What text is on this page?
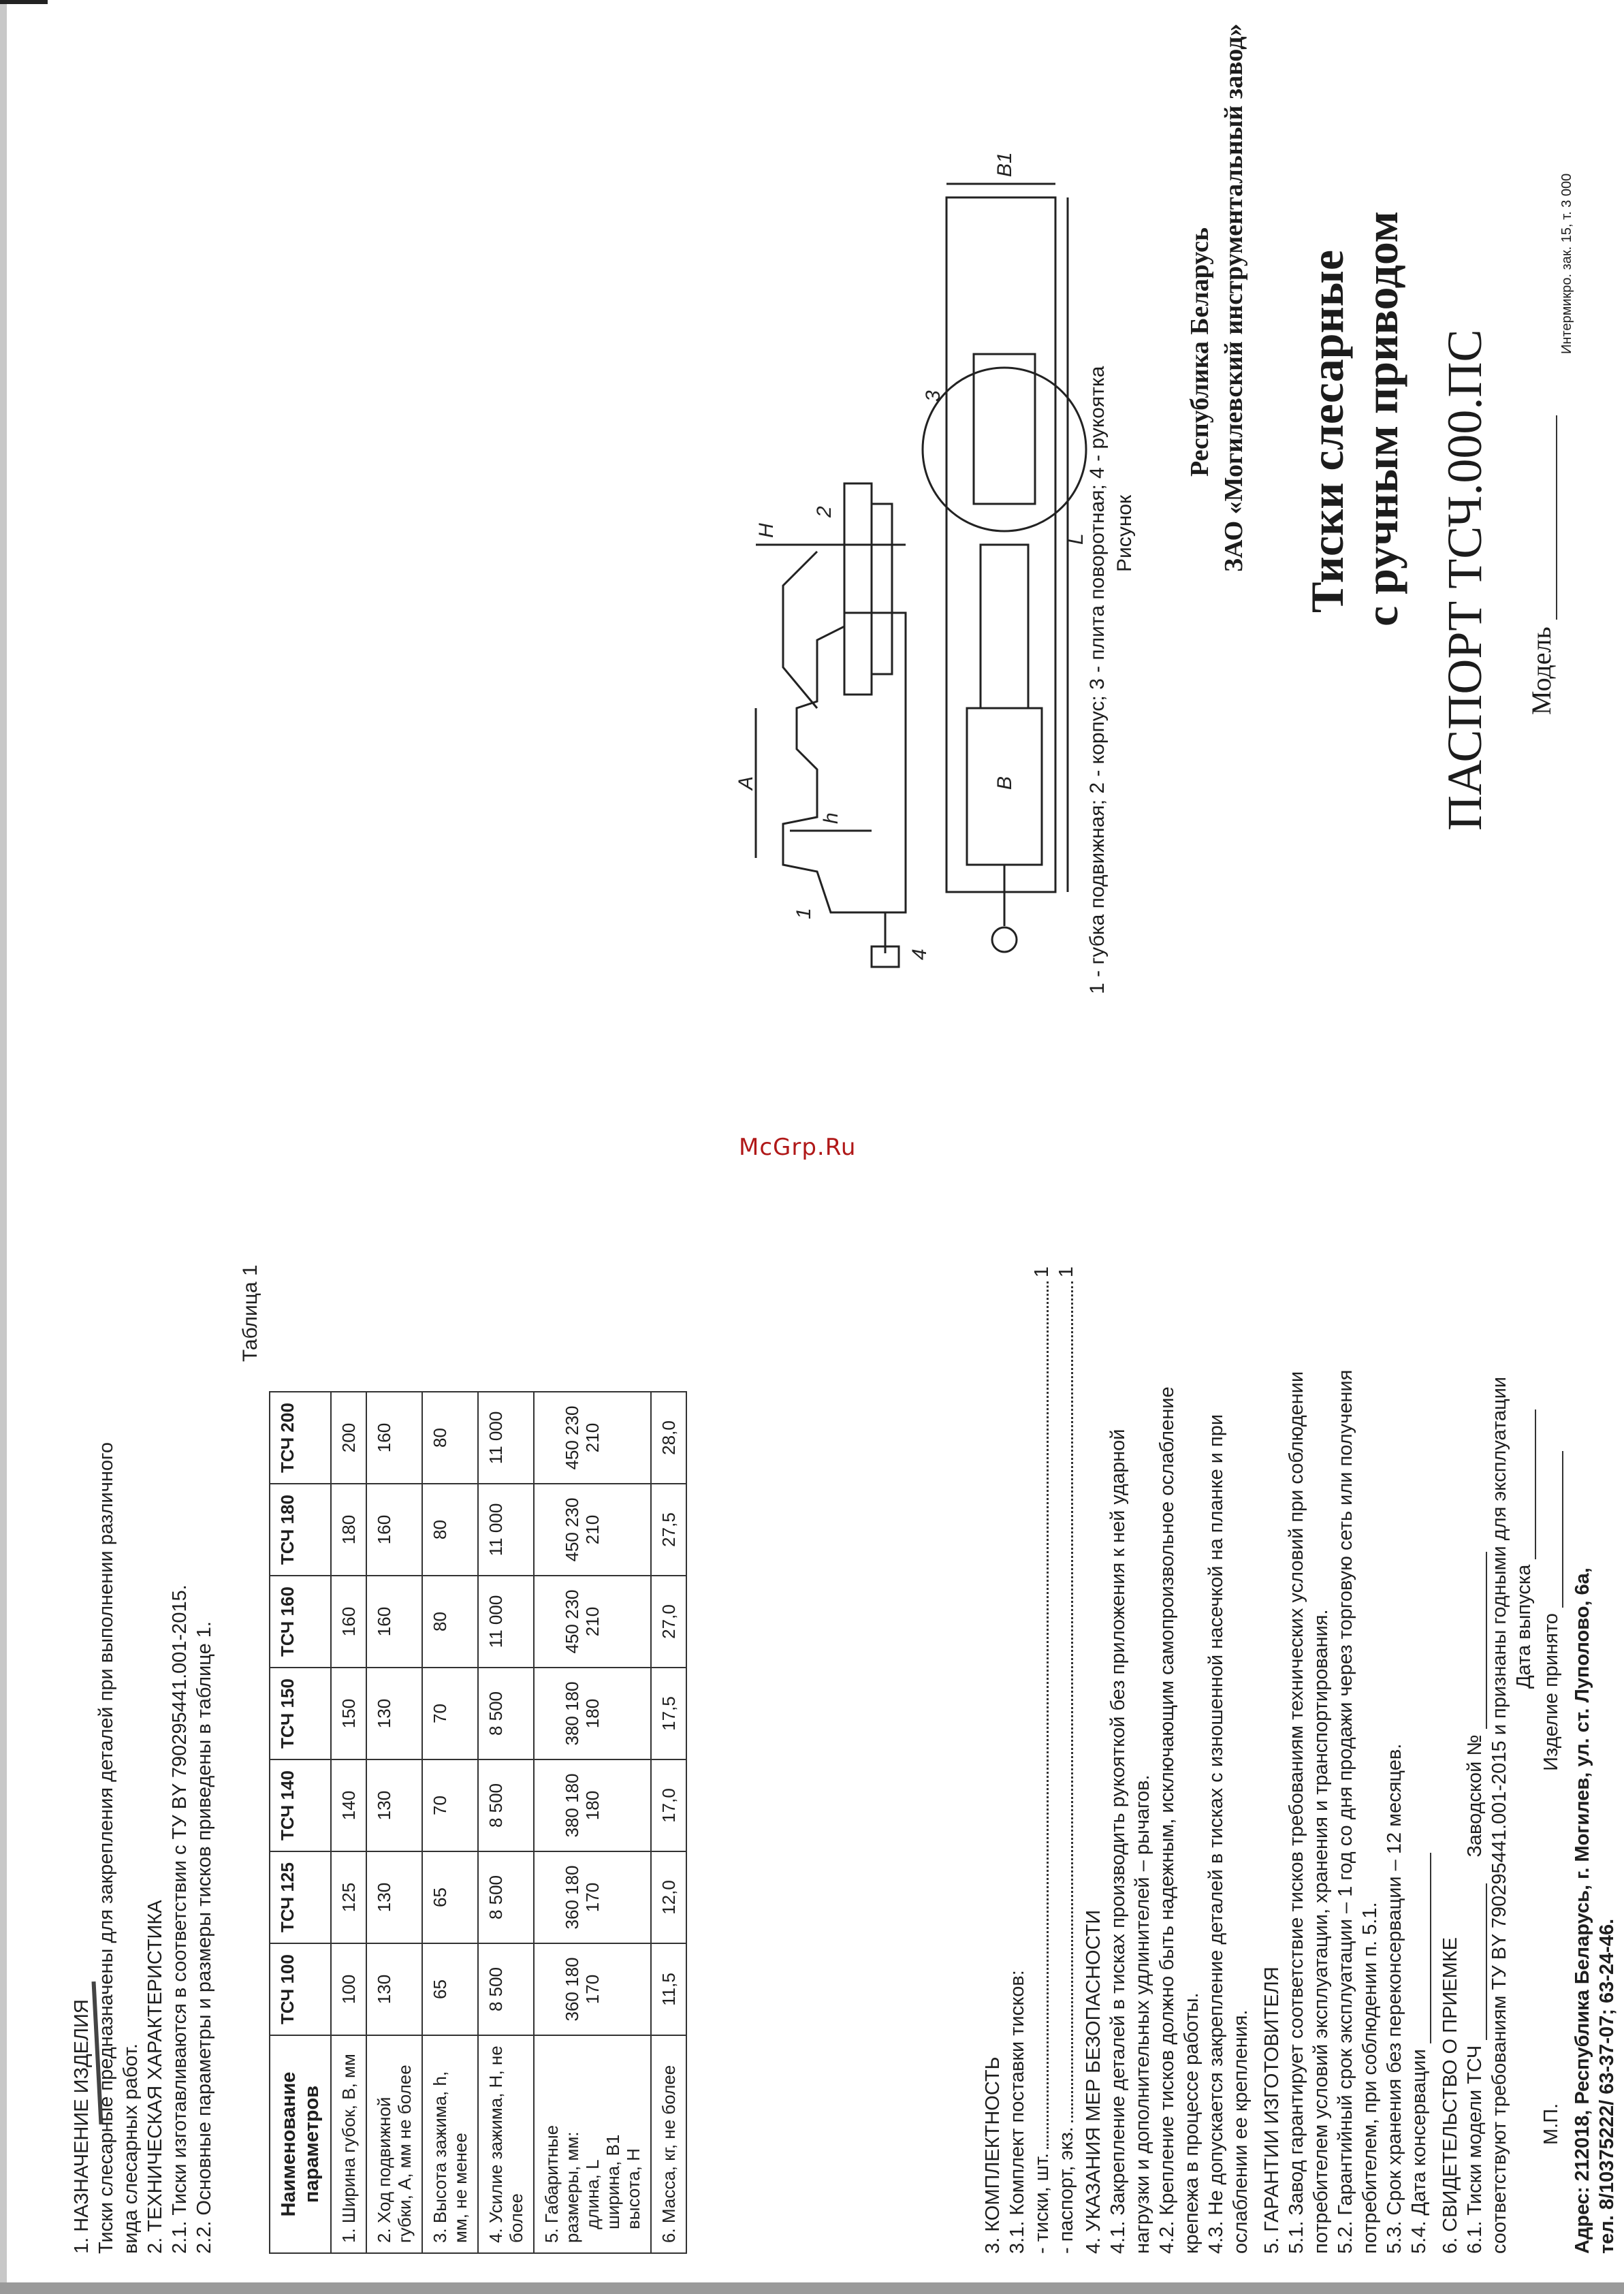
McGrp.Ru
1. НАЗНАЧЕНИЕ ИЗДЕЛИЯ Тиски слесарные предназначены для закрепления деталей при выполнении различного вида слесарных работ. 2. ТЕХНИЧЕСКАЯ ХАРАКТЕРИСТИКА 2.1. Тиски изготавливаются в соответствии с ТУ BY 790295441.001-2015. 2.2. Основные параметры и размеры тисков приведены в таблице 1.
Таблица 1
Наименование параметров	ТСЧ 100	ТСЧ 125	ТСЧ 140	ТСЧ 150	ТСЧ 160	ТСЧ 180	ТСЧ 200
1. Ширина губок, В, мм	100	125	140	150	160	180	200
2. Ход подвижной губки, А, мм не более	130	130	130	130	160	160	160
3. Высота зажима, h, мм, не менее	65	65	70	70	80	80	80
4. Усилие зажима, Н, не более	8 500	8 500	8 500	8 500	11 000	11 000	11 000

5. Габаритные размеры, мм: длина, L ширина, В1 высота, Н	360 180 170	360 180 170	380 180 180	380 180 180	450 230 210	450 230 210	450 230 210
6. Масса, кг, не более	11,5	12,0	17,0	17,5	27,0	27,5	28,0
3. КОМПЛЕКТНОСТЬ 3.1. Комплект поставки тисков: - тиски, шт.
1
- паспорт, экз.
1
4. УКАЗАНИЯ МЕР БЕЗОПАСНОСТИ 4.1. Закрепление деталей в тисках производить рукояткой без приложения к ней ударной нагрузки и дополнительных удлинителей – рычагов. 4.2. Крепление тисков должно быть надежным, исключающим самопроизвольное ослабление крепежа в процессе работы. 4.3. Не допускается закрепление деталей в тисках с изношенной насечкой на планке и при ослаблении ее крепления. 5. ГАРАНТИИ ИЗГОТОВИТЕЛЯ 5.1. Завод гарантирует соответствие тисков требованиям технических условий при соблюдении потребителем условий эксплуатации, хранения и транспортирования. 5.2. Гарантийный срок эксплуатации – 1 год со дня продажи через торговую сеть или получения потребителем, при соблюдении п. 5.1. 5.3. Срок хранения без переконсервации – 12 месяцев. 5.4. Дата консервации 6. СВИДЕТЕЛЬСТВО О ПРИЕМКЕ 6.1. Тиски модели ТСЧ  Заводской № соответствуют требованиям ТУ BY 790295441.001-2015 и признаны годными для эксплуатации Дата выпуска
М.П. Изделие принято Адрес: 212018, Республика Беларусь, г. Могилев, ул. ст. Луполово, 6а, тел. 8/10375222/ 63-37-07; 63-24-46.
4
1
2
3
А
h
Н
В
В1
L
1 - губка подвижная; 2 - корпус; 3 - плита поворотная; 4 - рукоятка Рисунок
Республика Беларусь ЗАО «Могилевский инструментальный завод» Тиски слесарные с ручным приводом ПАСПОРТ ТСЧ.000.ПС Модель
Интермикро. зак. 15, т. 3 000
